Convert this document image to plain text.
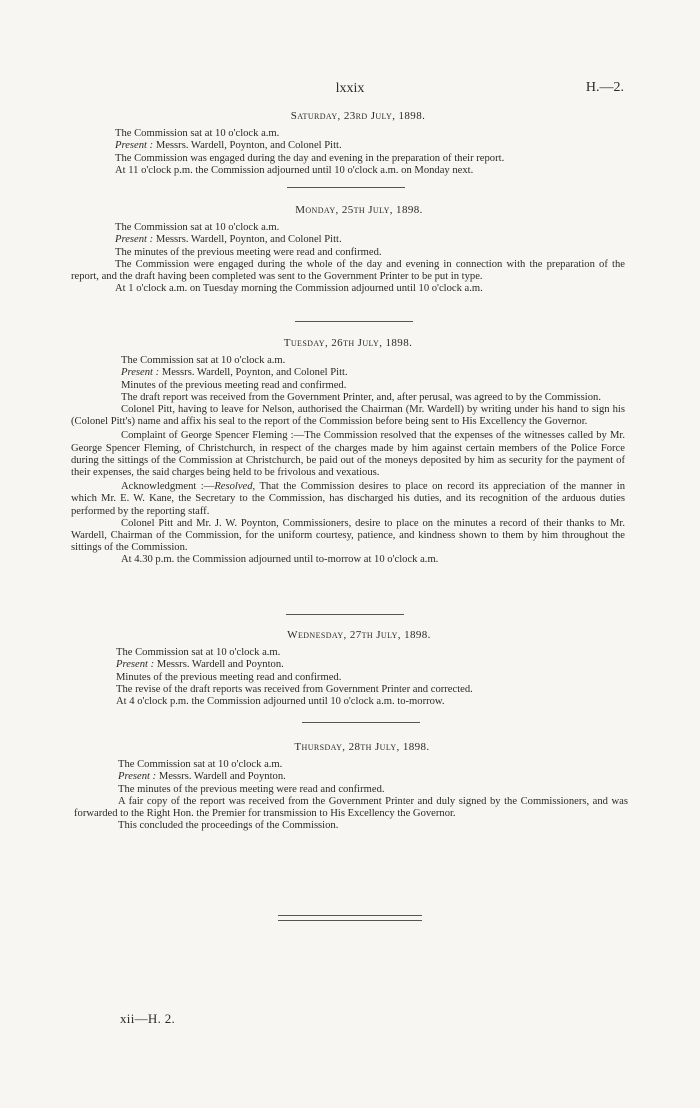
lxxix	H.—2.
Saturday, 23rd July, 1898.

The Commission sat at 10 o'clock a.m.

Present : Messrs. Wardell, Poynton, and Colonel Pitt.

The Commission was engaged during the day and evening in the preparation of their report.

At 11 o'clock p.m. the Commission adjourned until 10 o'clock a.m. on Monday next.

Monday, 25th July, 1898.

The Commission sat at 10 o'clock a.m.

Present : Messrs. Wardell, Poynton, and Colonel Pitt.

The minutes of the previous meeting were read and confirmed.

The Commission were engaged during the whole of the day and evening in connection with the preparation of the report, and the draft having been completed was sent to the Government Printer to be put in type.

At 1 o'clock a.m. on Tuesday morning the Commission adjourned until 10 o'clock a.m.

Tuesday, 26th July, 1898.

The Commission sat at 10 o'clock a.m.

Present : Messrs. Wardell, Poynton, and Colonel Pitt.

Minutes of the previous meeting read and confirmed.

The draft report was received from the Government Printer, and, after perusal, was agreed to by the Commission.

Colonel Pitt, having to leave for Nelson, authorised the Chairman (Mr. Wardell) by writing under his hand to sign his (Colonel Pitt's) name and affix his seal to the report of the Commission before being sent to His Excellency the Governor.

Complaint of George Spencer Fleming :—The Commission resolved that the expenses of the witnesses called by Mr. George Spencer Fleming, of Christchurch, in respect of the charges made by him against certain members of the Police Force during the sittings of the Commission at Christchurch, be paid out of the moneys deposited by him as security for the payment of their expenses, the said charges being held to be frivolous and vexatious.

Acknowledgment :—Resolved, That the Commission desires to place on record its appreciation of the manner in which Mr. E. W. Kane, the Secretary to the Commission, has discharged his duties, and its recognition of the arduous duties performed by the reporting staff.

Colonel Pitt and Mr. J. W. Poynton, Commissioners, desire to place on the minutes a record of their thanks to Mr. Wardell, Chairman of the Commission, for the uniform courtesy, patience, and kindness shown to them by him throughout the sittings of the Commission.

At 4.30 p.m. the Commission adjourned until to-morrow at 10 o'clock a.m.

Wednesday, 27th July, 1898.

The Commission sat at 10 o'clock a.m.

Present : Messrs. Wardell and Poynton.

Minutes of the previous meeting read and confirmed.

The revise of the draft reports was received from Government Printer and corrected.

At 4 o'clock p.m. the Commission adjourned until 10 o'clock a.m. to-morrow.

Thursday, 28th July, 1898.

The Commission sat at 10 o'clock a.m.

Present : Messrs. Wardell and Poynton.

The minutes of the previous meeting were read and confirmed.

A fair copy of the report was received from the Government Printer and duly signed by the Commissioners, and was forwarded to the Right Hon. the Premier for transmission to His Excellency the Governor.

This concluded the proceedings of the Commission.

xii—H. 2.
